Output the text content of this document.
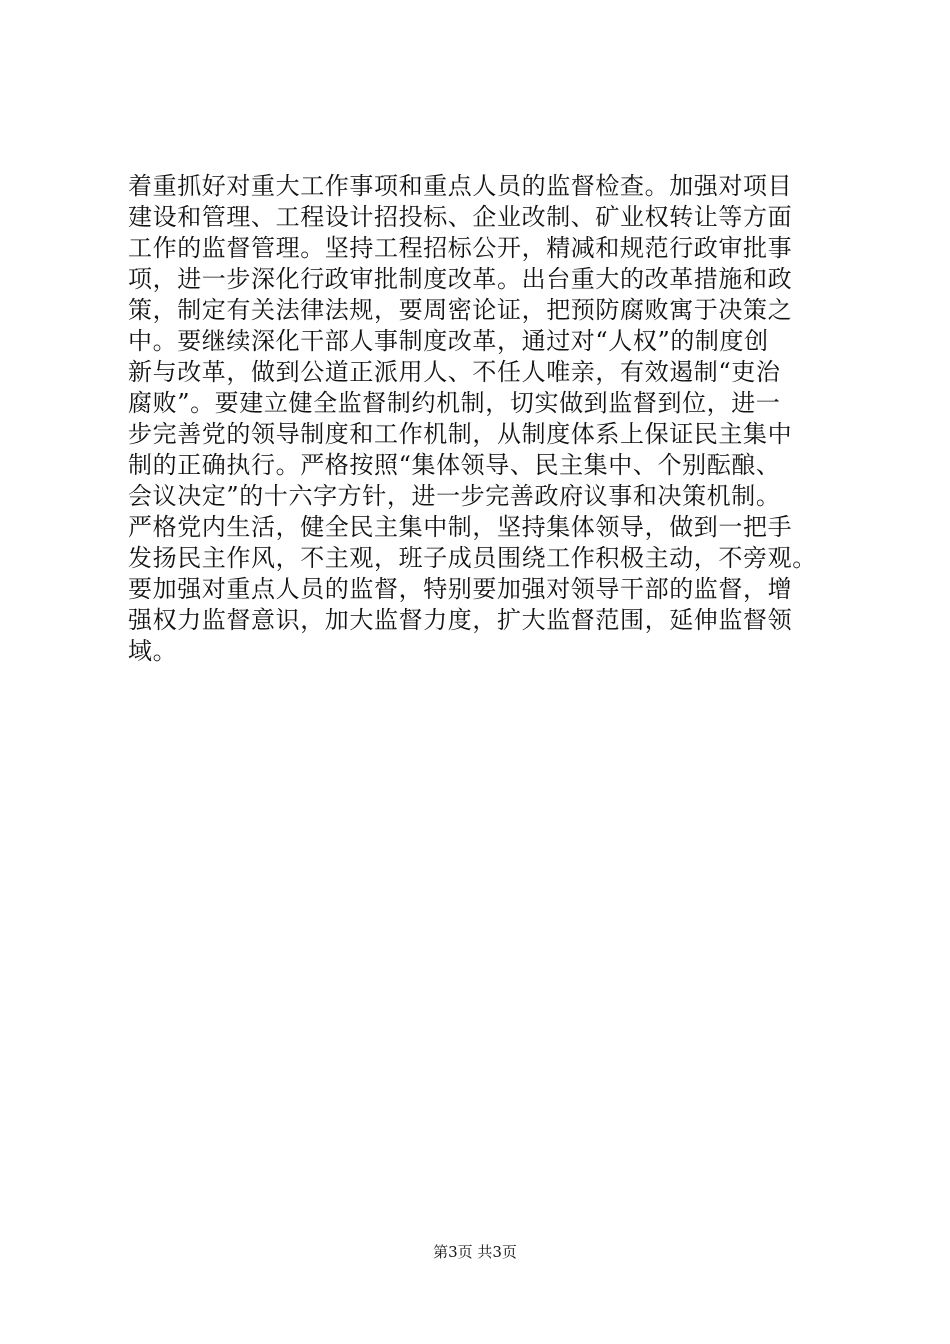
着重抓好对重大工作事项和重点人员的监督检查。加强对项目
建设和管理、工程设计招投标、企业改制、矿业权转让等方面
工作的监督管理。坚持工程招标公开，精减和规范行政审批事
项，进一步深化行政审批制度改革。出台重大的改革措施和政
策，制定有关法律法规，要周密论证，把预防腐败寓于决策之
中。要继续深化干部人事制度改革，通过对“人权”的制度创
新与改革，做到公道正派用人、不任人唯亲，有效遏制“吏治
腐败”。要建立健全监督制约机制，切实做到监督到位，进一
步完善党的领导制度和工作机制，从制度体系上保证民主集中
制的正确执行。严格按照“集体领导、民主集中、个别酝酿、
会议决定”的十六字方针，进一步完善政府议事和决策机制。
严格党内生活，健全民主集中制，坚持集体领导，做到一把手
发扬民主作风，不主观，班子成员围绕工作积极主动，不旁观。
要加强对重点人员的监督，特别要加强对领导干部的监督，增
强权力监督意识，加大监督力度，扩大监督范围，延伸监督领
域。
第3页 共3页
